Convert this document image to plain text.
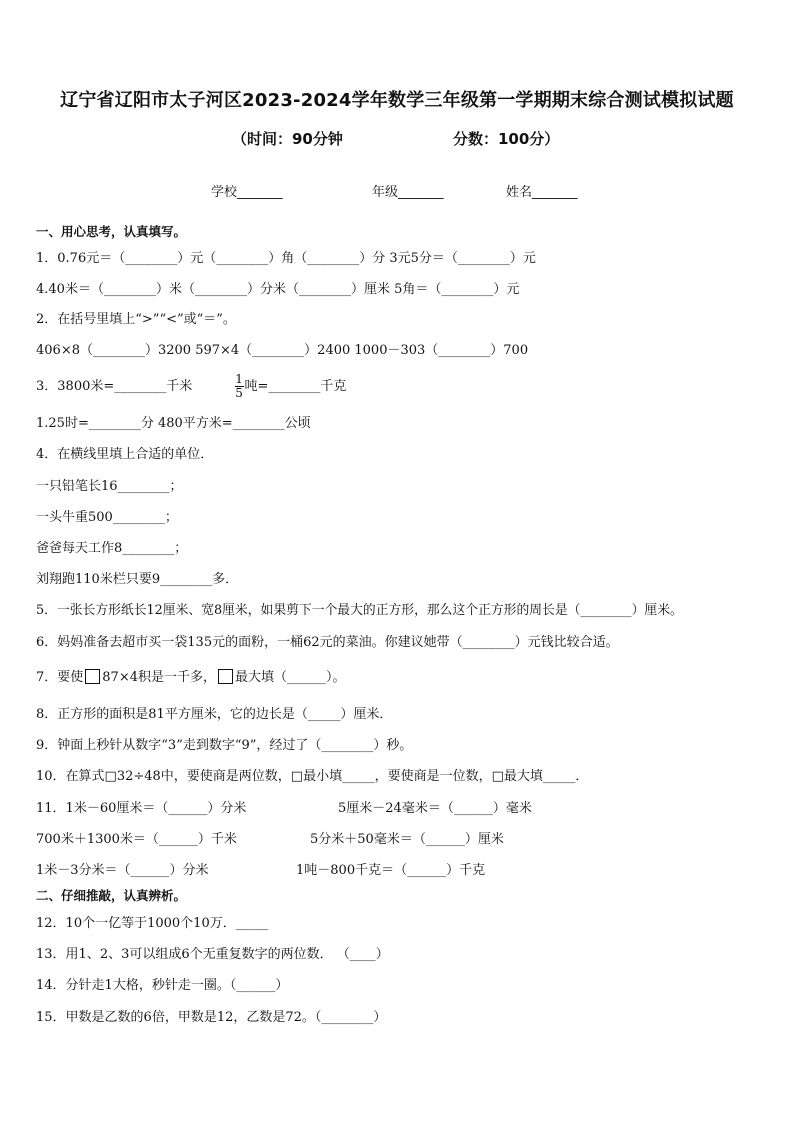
辽宁省辽阳市太子河区2023-2024学年数学三年级第一学期期末综合测试模拟试题
（时间：90分钟	分数：100分）
学校_______	年级_______	姓名_______
一、用心思考，认真填写。
1．0.76元＝（________）元（________）角（________）分 3元5分＝（________）元
4.40米＝（________）米（________）分米（________）厘米 5角＝（________）元
2．在括号里填上“>”“<”或“＝”。
406×8（________）3200 597×4（________）2400 1000－303（________）700
3．3800米=________千米	$\frac{1}{5}$ 吨=________千克
1.25时=________分 480平方米=________公顷
4．在横线里填上合适的单位．
一只铅笔长16________；
一头牛重500________；
爸爸每天工作8________；
刘翔跑110米栏只要9________多．
5．一张长方形纸长12厘米、宽8厘米，如果剪下一个最大的正方形，那么这个正方形的周长是（________）厘米。
6．妈妈准备去超市买一袋135元的面粉，一桶62元的菜油。你建议她带（________）元钱比较合适。
7．要使 87×4积是一千多， 最大填（______）。
8．正方形的面积是81平方厘米，它的边长是（_____）厘米．
9．钟面上秒针从数字“3”走到数字“9”，经过了（________）秒。
10．在算式□32÷48中，要使商是两位数，□最小填_____，要使商是一位数，□最大填_____．
11．1米－60厘米＝（______）分米	5厘米－24毫米＝（______）毫米
700米＋1300米＝（______）千米	5分米＋50毫米＝（______）厘米
1米－3分米＝（______）分米	1吨－800千克＝（______）千克
二、仔细推敲，认真辨析。
12．10个一亿等于1000个10万．_____
13．用1、2、3可以组成6个无重复数字的两位数． （____）
14．分针走1大格，秒针走一圈。（______）
15．甲数是乙数的6倍，甲数是12，乙数是72。（________）
